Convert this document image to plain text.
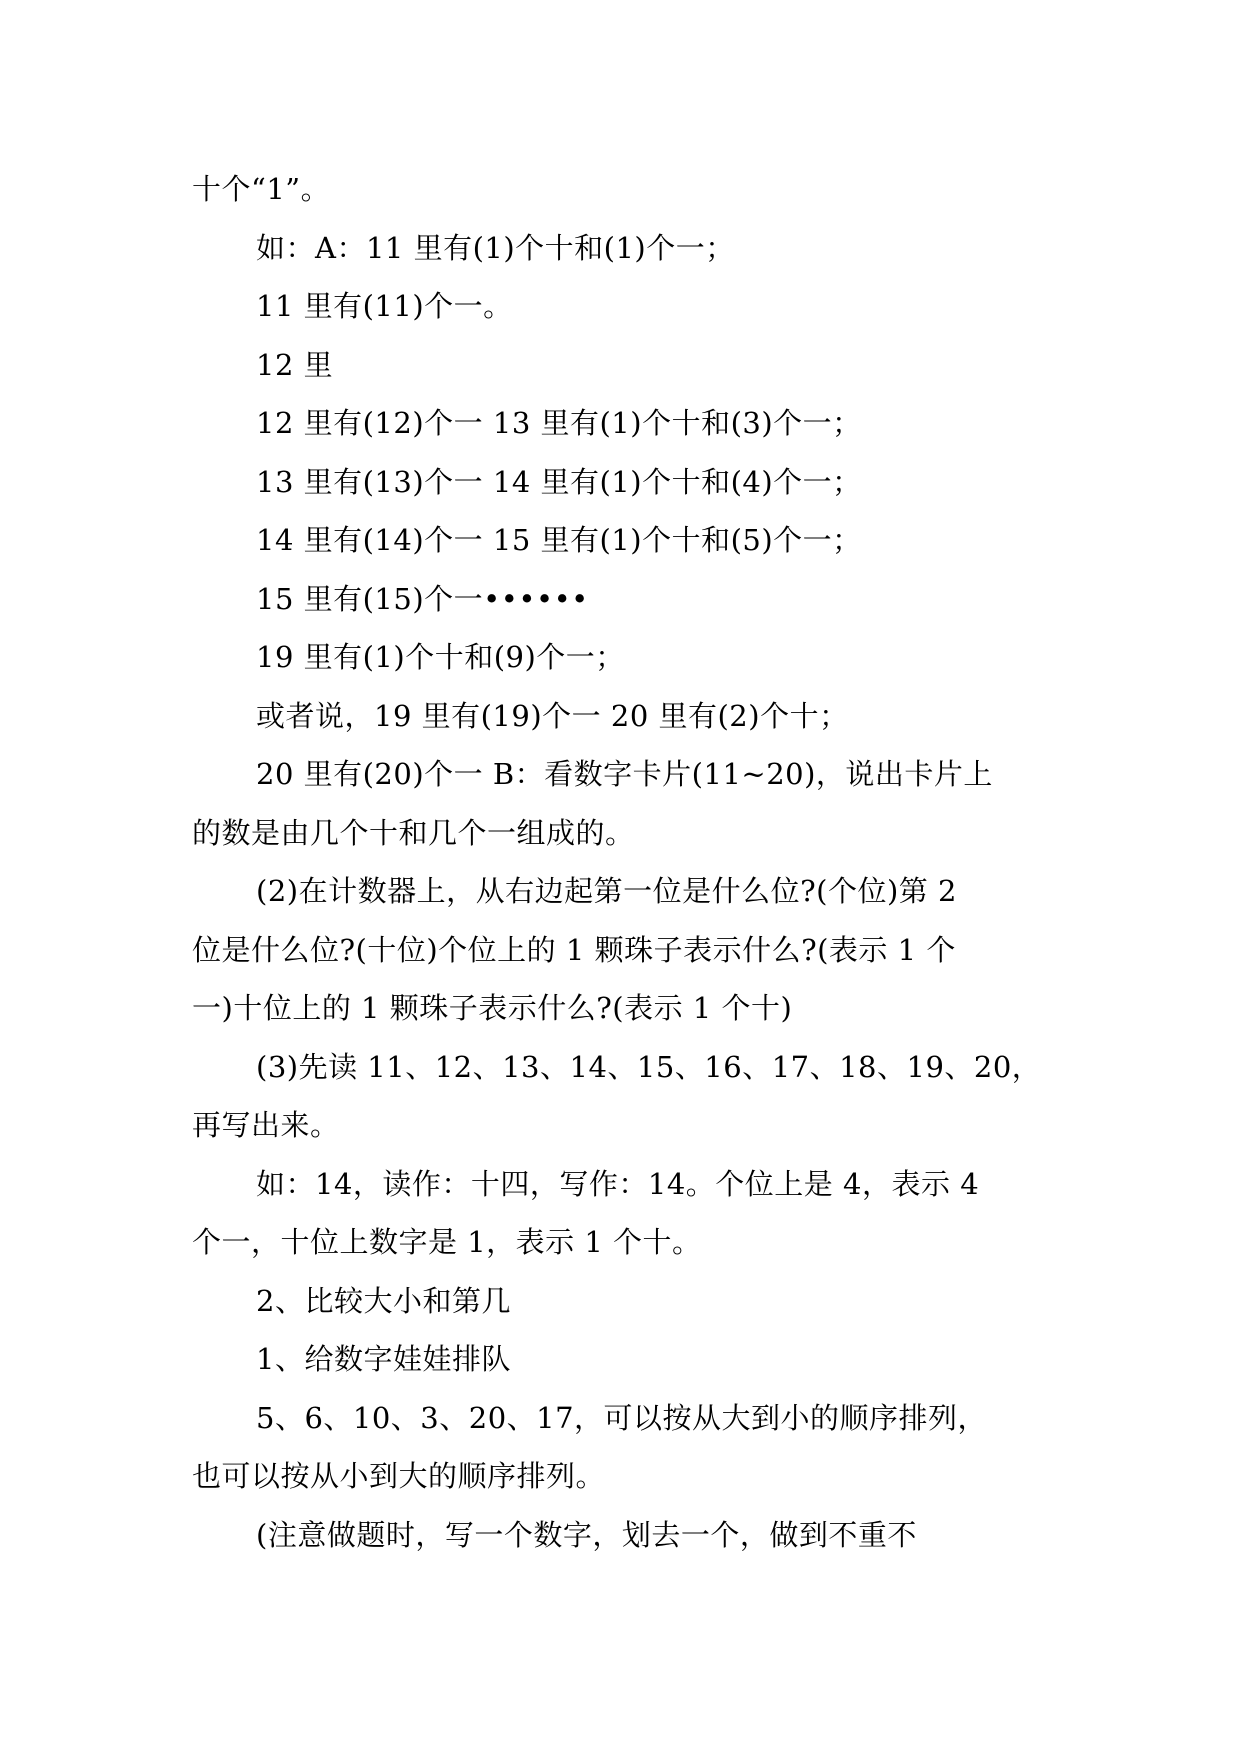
十个“1”。
如：A：11 里有(1)个十和(1)个一；
11 里有(11)个一。
12 里
12 里有(12)个一 13 里有(1)个十和(3)个一；
13 里有(13)个一 14 里有(1)个十和(4)个一；
14 里有(14)个一 15 里有(1)个十和(5)个一；
15 里有(15)个一••••••
19 里有(1)个十和(9)个一；
或者说，19 里有(19)个一 20 里有(2)个十；
20 里有(20)个一 B：看数字卡片(11~20)，说出卡片上
的数是由几个十和几个一组成的。
(2)在计数器上，从右边起第一位是什么位?(个位)第 2
位是什么位?(十位)个位上的 1 颗珠子表示什么?(表示 1 个
一)十位上的 1 颗珠子表示什么?(表示 1 个十)
(3)先读 11、12、13、14、15、16、17、18、19、20，
再写出来。
如：14，读作：十四，写作：14。个位上是 4，表示 4
个一，十位上数字是 1，表示 1 个十。
2、比较大小和第几
1、给数字娃娃排队
5、6、10、3、20、17，可以按从大到小的顺序排列，
也可以按从小到大的顺序排列。
(注意做题时，写一个数字，划去一个，做到不重不
